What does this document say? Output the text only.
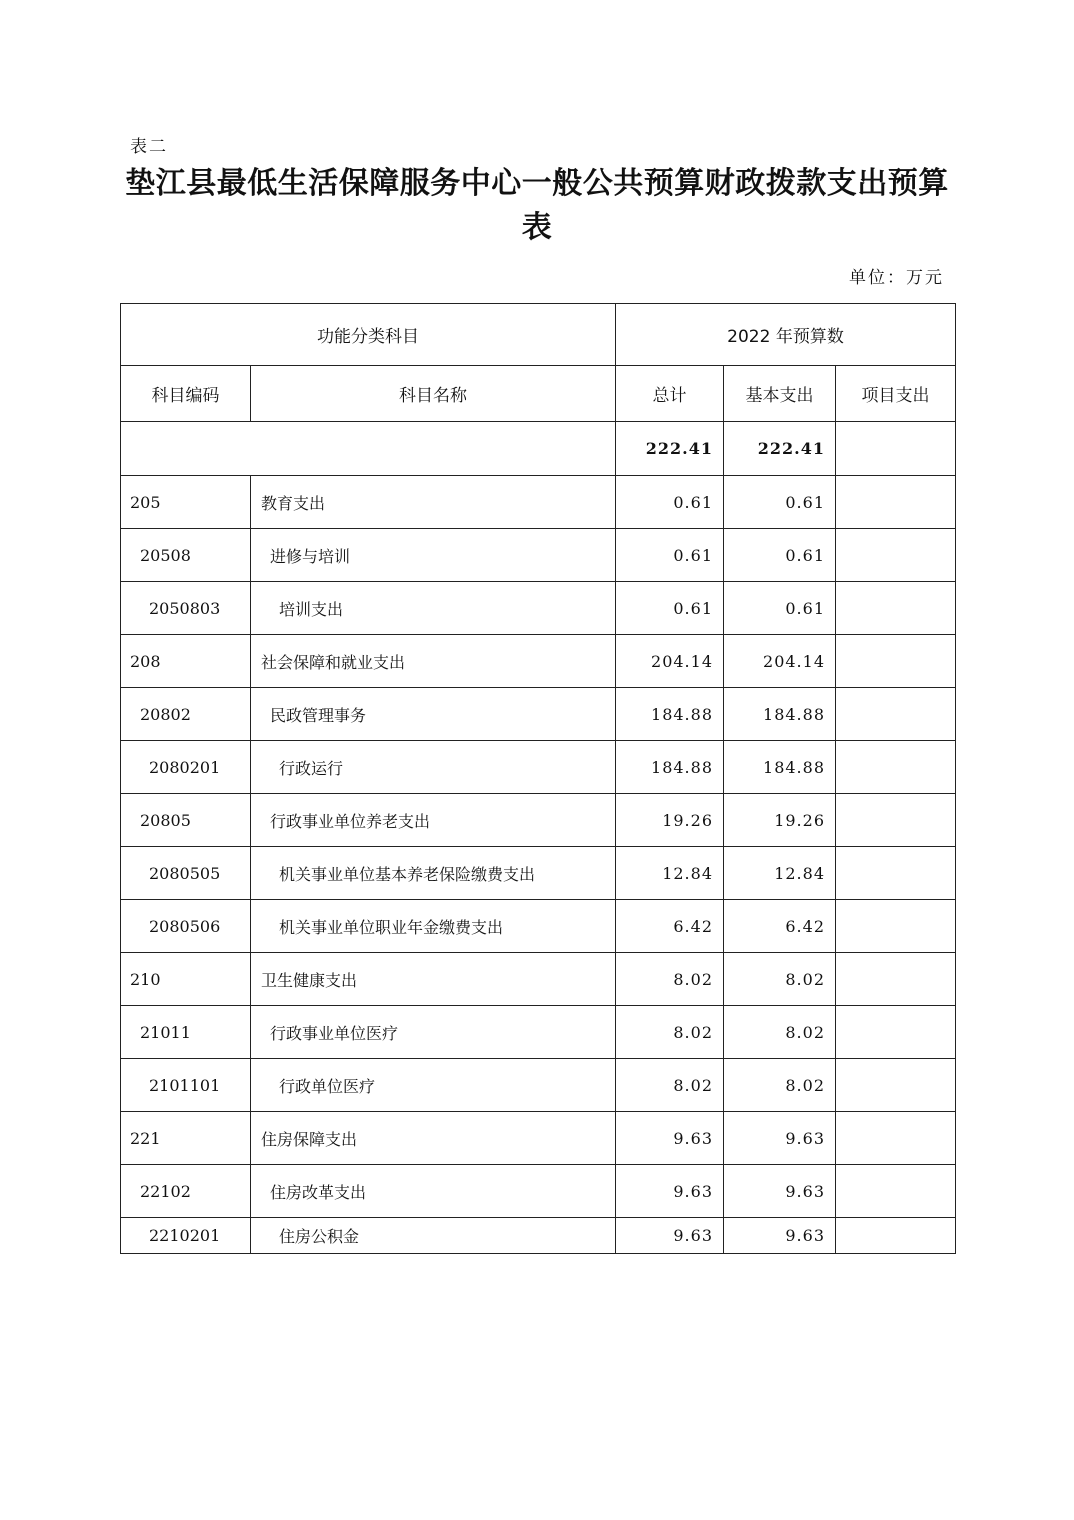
表二
垫江县最低生活保障服务中心一般公共预算财政拨款支出预算表
单位：万元
功能分类科目		2022 年预算数		
科目编码	科目名称	总计	基本支出	项目支出
		222.41	222.41	
205	教育支出	0.61	0.61	
20508	进修与培训	0.61	0.61	
2050803	培训支出	0.61	0.61	
208	社会保障和就业支出	204.14	204.14	
20802	民政管理事务	184.88	184.88	
2080201	行政运行	184.88	184.88	
20805	行政事业单位养老支出	19.26	19.26	
2080505	机关事业单位基本养老保险缴费支出	12.84	12.84	
2080506	机关事业单位职业年金缴费支出	6.42	6.42	
210	卫生健康支出	8.02	8.02	
21011	行政事业单位医疗	8.02	8.02	
2101101	行政单位医疗	8.02	8.02	
221	住房保障支出	9.63	9.63	
22102	住房改革支出	9.63	9.63	
2210201	住房公积金	9.63	9.63	
